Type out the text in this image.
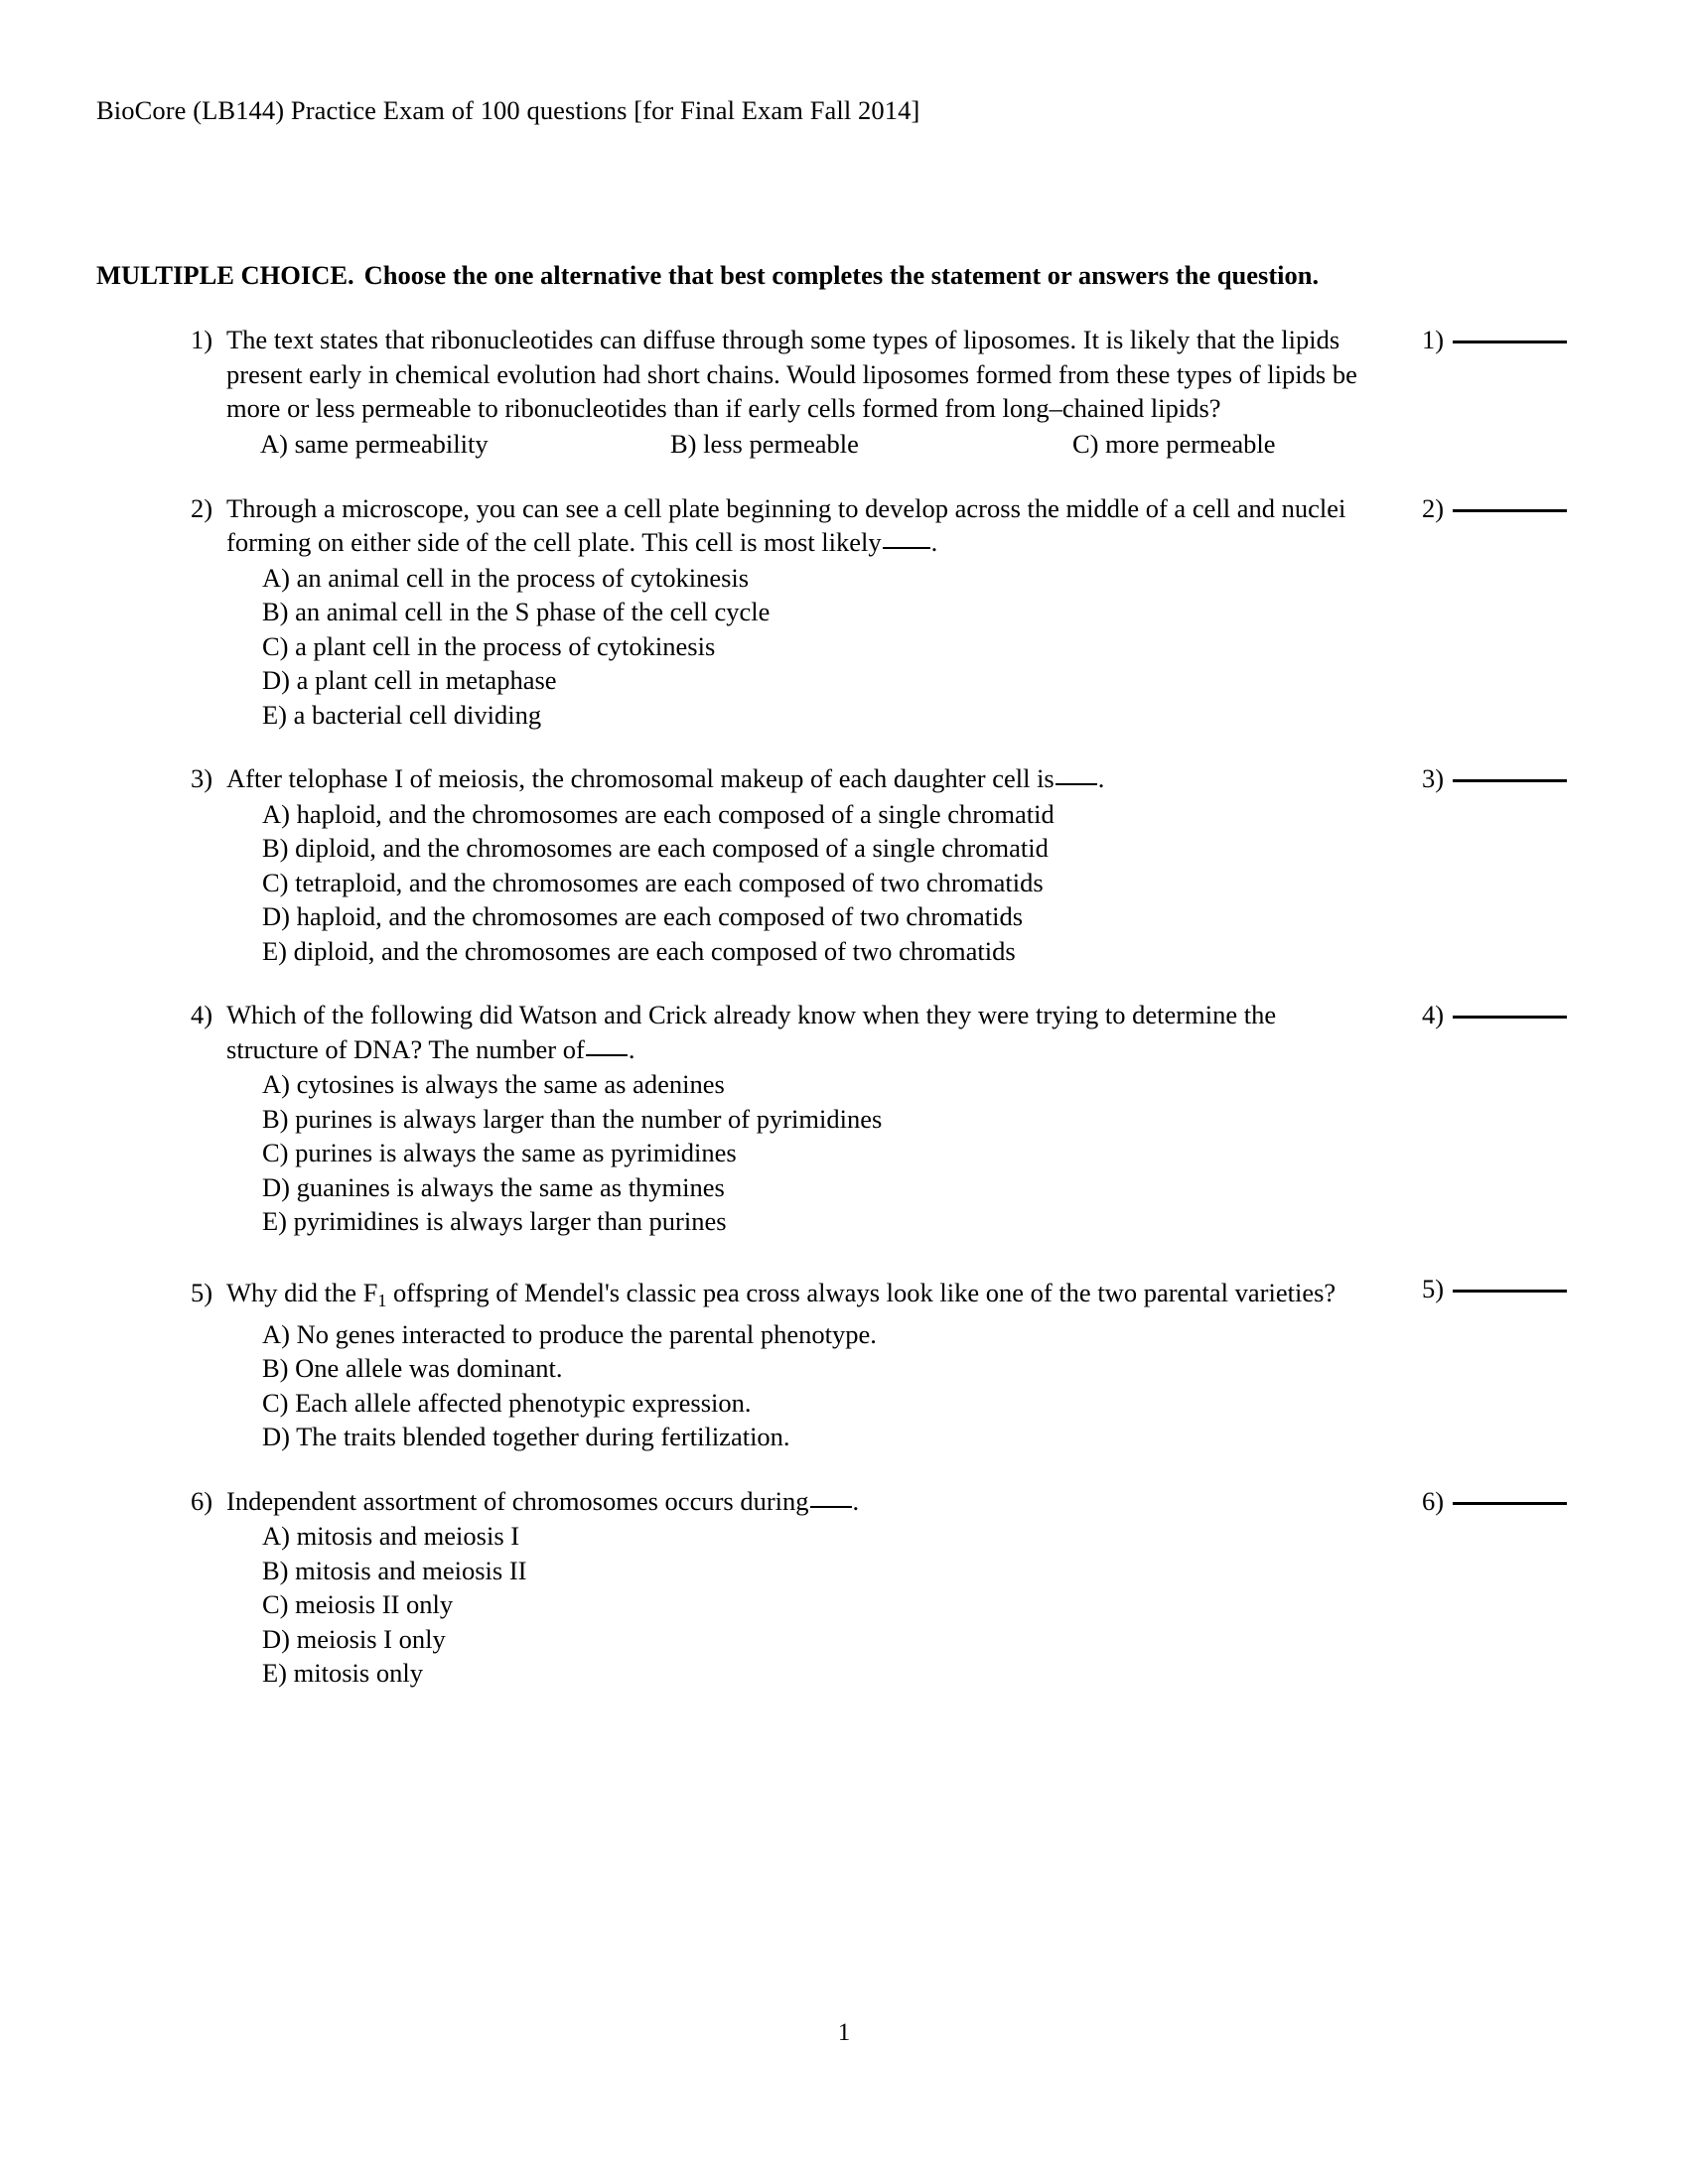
BioCore (LB144) Practice Exam of 100 questions [for Final Exam Fall 2014]
MULTIPLE CHOICE. Choose the one alternative that best completes the statement or answers the question.
1) The text states that ribonucleotides can diffuse through some types of liposomes. It is likely that the lipids present early in chemical evolution had short chains. Would liposomes formed from these types of lipids be more or less permeable to ribonucleotides than if early cells formed from long–chained lipids?
A) same permeability	B) less permeable	C) more permeable
1)
2) Through a microscope, you can see a cell plate beginning to develop across the middle of a cell and nuclei forming on either side of the cell plate. This cell is most likely .
A) an animal cell in the process of cytokinesis
B) an animal cell in the S phase of the cell cycle
C) a plant cell in the process of cytokinesis
D) a plant cell in metaphase
E) a bacterial cell dividing
2)
3) After telophase I of meiosis, the chromosomal makeup of each daughter cell is .
A) haploid, and the chromosomes are each composed of a single chromatid
B) diploid, and the chromosomes are each composed of a single chromatid
C) tetraploid, and the chromosomes are each composed of two chromatids
D) haploid, and the chromosomes are each composed of two chromatids
E) diploid, and the chromosomes are each composed of two chromatids
3)
4) Which of the following did Watson and Crick already know when they were trying to determine the structure of DNA? The number of .
A) cytosines is always the same as adenines
B) purines is always larger than the number of pyrimidines
C) purines is always the same as pyrimidines
D) guanines is always the same as thymines
E) pyrimidines is always larger than purines
4)
5) Why did the $F_1$ offspring of Mendel's classic pea cross always look like one of the two parental varieties?
A) No genes interacted to produce the parental phenotype.
B) One allele was dominant.
C) Each allele affected phenotypic expression.
D) The traits blended together during fertilization.
5)
6) Independent assortment of chromosomes occurs during .
A) mitosis and meiosis I
B) mitosis and meiosis II
C) meiosis II only
D) meiosis I only
E) mitosis only
6)
1
